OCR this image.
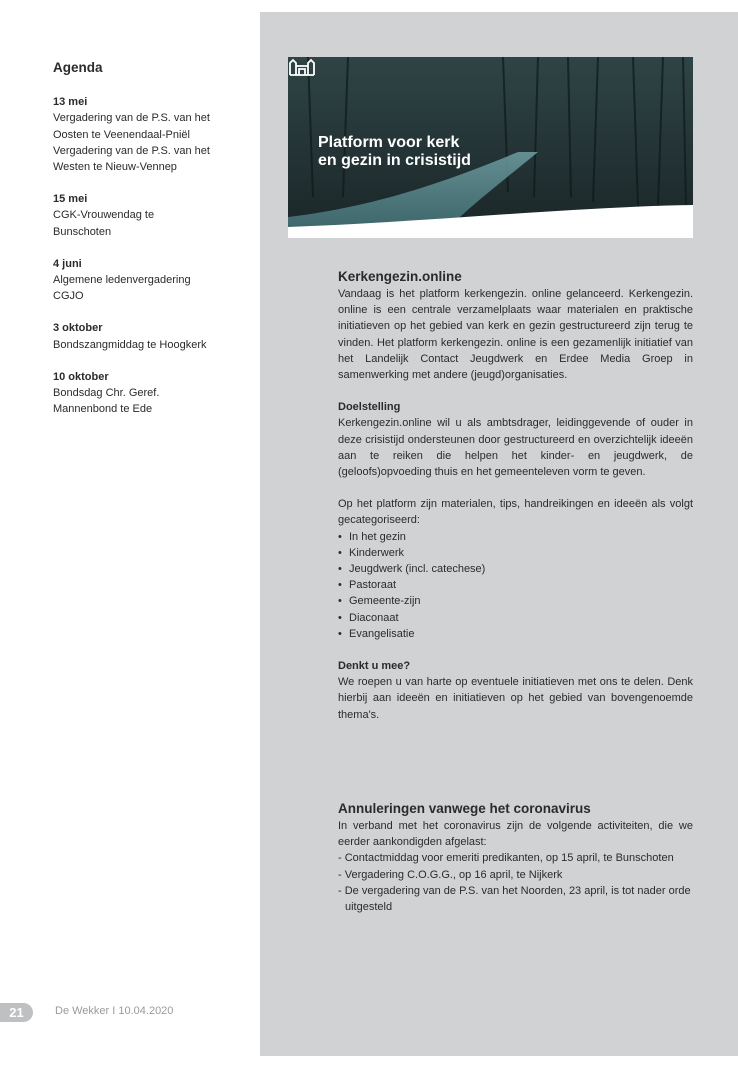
Agenda
13 mei
Vergadering van de P.S. van het Oosten te Veenendaal-Pniël
Vergadering van de P.S. van het Westen te Nieuw-Vennep
15 mei
CGK-Vrouwendag te Bunschoten
4 juni
Algemene ledenvergadering CGJO
3 oktober
Bondszangmiddag te Hoogkerk
10 oktober
Bondsdag Chr. Geref. Mannenbond te Ede
Platform voor kerk
en gezin in crisistijd
Kerkengezin.online

Vandaag is het platform kerkengezin. online gelanceerd. Kerkengezin. online is een centrale verzamelplaats waar materialen en praktische initiatieven op het gebied van kerk en gezin gestructureerd zijn terug te vinden. Het platform kerkengezin. online is een gezamenlijk initiatief van het Landelijk Contact Jeugdwerk en Erdee Media Groep in samenwerking met andere (jeugd)organisaties.

Doelstelling

Kerkengezin.online wil u als ambtsdrager, leidinggevende of ouder in deze crisistijd ondersteunen door gestructureerd en overzichtelijk ideeën aan te reiken die helpen het kinder- en jeugdwerk, de (geloofs)opvoeding thuis en het gemeenteleven vorm te geven.

Op het platform zijn materialen, tips, handreikingen en ideeën als volgt gecategoriseerd:

• In het gezin
• Kinderwerk
• Jeugdwerk (incl. catechese)
• Pastoraat
• Gemeente-zijn
• Diaconaat
• Evangelisatie
Denkt u mee?

We roepen u van harte op eventuele initiatieven met ons te delen. Denk hierbij aan ideeën en initiatieven op het gebied van bovengenoemde thema's.

Annuleringen vanwege het coronavirus

In verband met het coronavirus zijn de volgende activiteiten, die we eerder aankondigden afgelast:

- Contactmiddag voor emeriti predikanten, op 15 april, te Bunschoten
- Vergadering C.O.G.G., op 16 april, te Nijkerk
- De vergadering van de P.S. van het Noorden, 23 april, is tot nader orde uitgesteld
21	De Wekker I 10.04.2020
